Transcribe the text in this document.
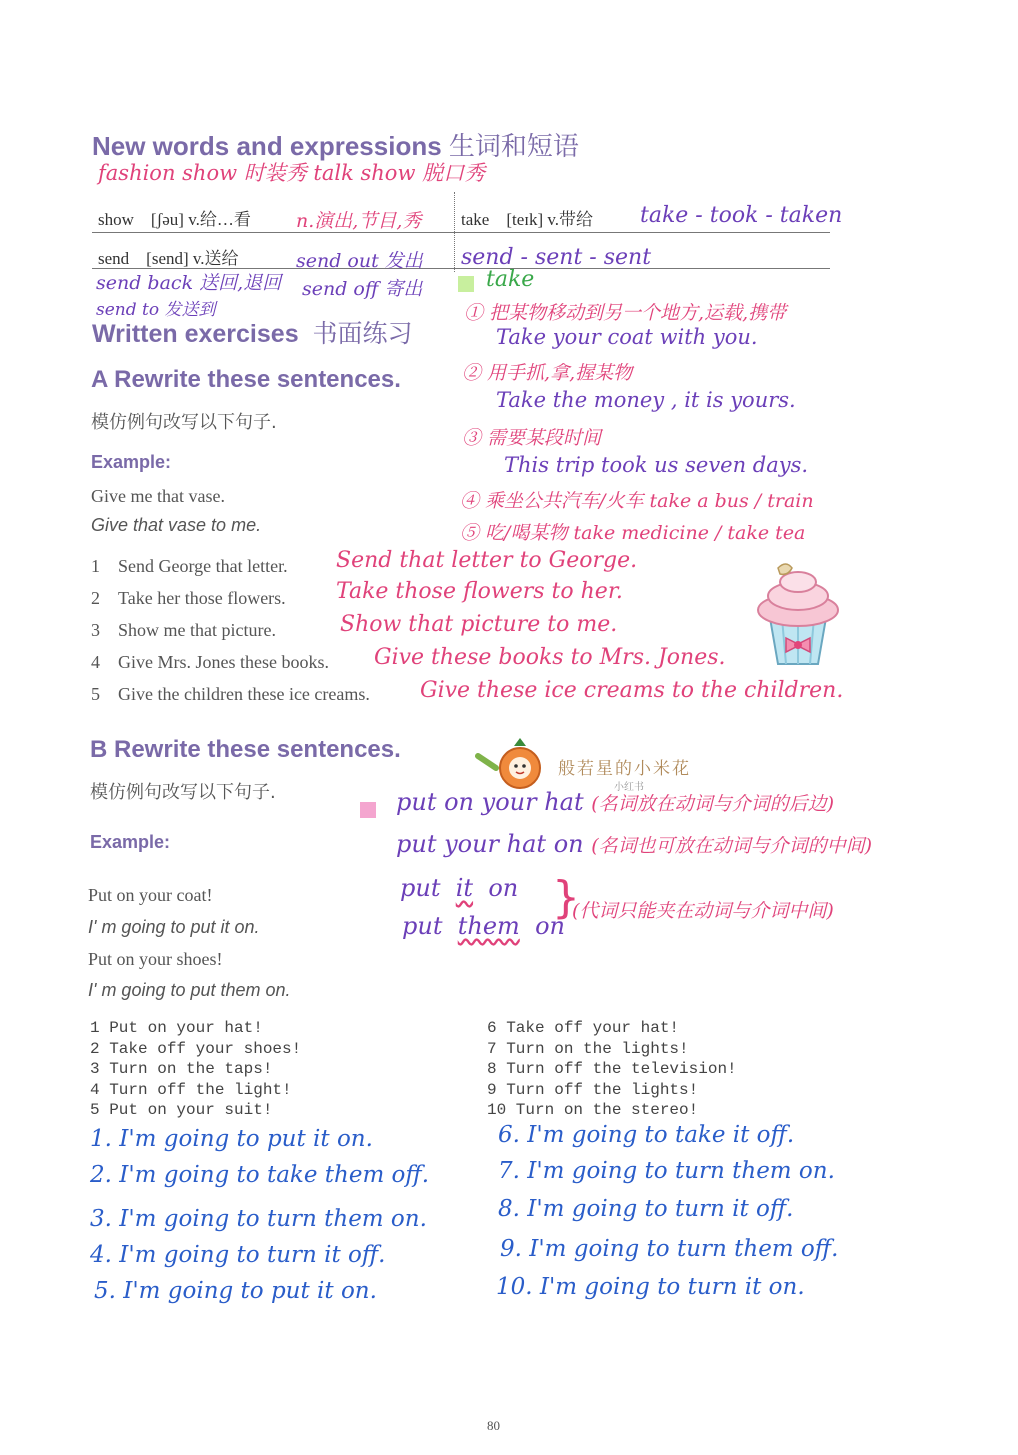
New words and expressions 生词和短语
fashion show 时装秀 talk show 脱口秀
show [ʃəu] v.给…看 n.演出,节目,秀 take [teɪk] v.带给 take - took - taken
send [send] v.送给	send out 发出 send - sent - sent
send back 送回,退回 send off 寄出
send to 发送到
take
① 把某物移动到另一个地方,运载,携带
Take your coat with you.
② 用手抓,拿,握某物
Take the money , it is yours.
③ 需要某段时间
This trip took us seven days.
④ 乘坐公共汽车/火车 take a bus / train
⑤ 吃/喝某物 take medicine / take tea
Written exercises 书面练习
A Rewrite these sentences.
模仿例句改写以下句子.
Example:
Give me that vase.
Give that vase to me.
1 Send George that letter. Send that letter to George.
2 Take her those flowers. Take those flowers to her.
3 Show me that picture.	Show that picture to me.
4 Give Mrs. Jones these books. Give these books to Mrs. Jones.
5 Give the children these ice creams. Give these ice creams to the children.
B Rewrite these sentences.
模仿例句改写以下句子.
般若星的小米花
小红书
Example:
Put on your coat!
I' m going to put it on.
Put on your shoes!
I' m going to put them on.
put on your hat (名词放在动词与介词的后边)
put your hat on (名词也可放在动词与介词的中间)
put it on
put them on
}
(代词只能夹在动词与介词中间)
1 Put on your hat!
2 Take off your shoes!
3 Turn on the taps!
4 Turn off the light!
5 Put on your suit!
6 Take off your hat!
7 Turn on the lights!
8 Turn off the television!
9 Turn off the lights!
10 Turn on the stereo!
1. I'm going to put it on.
2. I'm going to take them off.
3. I'm going to turn them on.
4. I'm going to turn it off.
5. I'm going to put it on.
6. I'm going to take it off.
7. I'm going to turn them on.
8. I'm going to turn it off.
9. I'm going to turn them off.
10. I'm going to turn it on.
80
